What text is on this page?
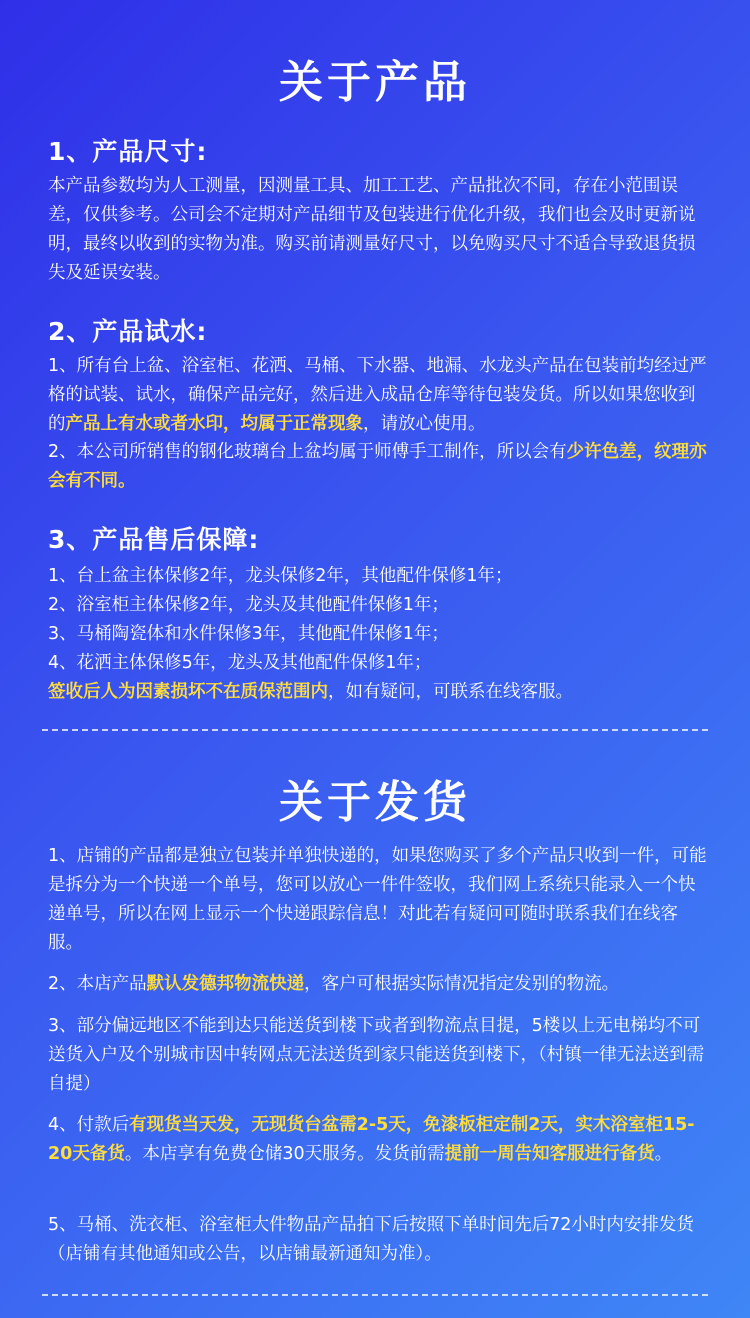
关于产品
1、产品尺寸:
本产品参数均为人工测量，因测量工具、加工工艺、产品批次不同，存在小范围误差，仅供参考。公司会不定期对产品细节及包装进行优化升级，我们也会及时更新说明，最终以收到的实物为准。购买前请测量好尺寸，以免购买尺寸不适合导致退货损失及延误安装。
2、产品试水:
1、所有台上盆、浴室柜、花洒、马桶、下水器、地漏、水龙头产品在包装前均经过严格的试装、试水，确保产品完好，然后进入成品仓库等待包装发货。所以如果您收到的产品上有水或者水印，均属于正常现象，请放心使用。
2、本公司所销售的钢化玻璃台上盆均属于师傅手工制作，所以会有少许色差，纹理亦会有不同。
3、产品售后保障:
1、台上盆主体保修2年，龙头保修2年，其他配件保修1年；
2、浴室柜主体保修2年，龙头及其他配件保修1年；
3、马桶陶瓷体和水件保修3年，其他配件保修1年；
4、花洒主体保修5年，龙头及其他配件保修1年；
签收后人为因素损坏不在质保范围内，如有疑问，可联系在线客服。
关于发货
1、店铺的产品都是独立包装并单独快递的，如果您购买了多个产品只收到一件，可能是拆分为一个快递一个单号，您可以放心一件件签收，我们网上系统只能录入一个快递单号，所以在网上显示一个快递跟踪信息！对此若有疑问可随时联系我们在线客服。
2、本店产品默认发德邦物流快递，客户可根据实际情况指定发别的物流。
3、部分偏远地区不能到达只能送货到楼下或者到物流点目提，5楼以上无电梯均不可送货入户及个别城市因中转网点无法送货到家只能送货到楼下，（村镇一律无法送到需自提）
4、付款后有现货当天发，无现货台盆需2-5天，免漆板柜定制2天，实木浴室柜15-20天备货。本店享有免费仓储30天服务。发货前需提前一周告知客服进行备货。
5、马桶、洗衣柜、浴室柜大件物品产品拍下后按照下单时间先后72小时内安排发货（店铺有其他通知或公告，以店铺最新通知为准）。
